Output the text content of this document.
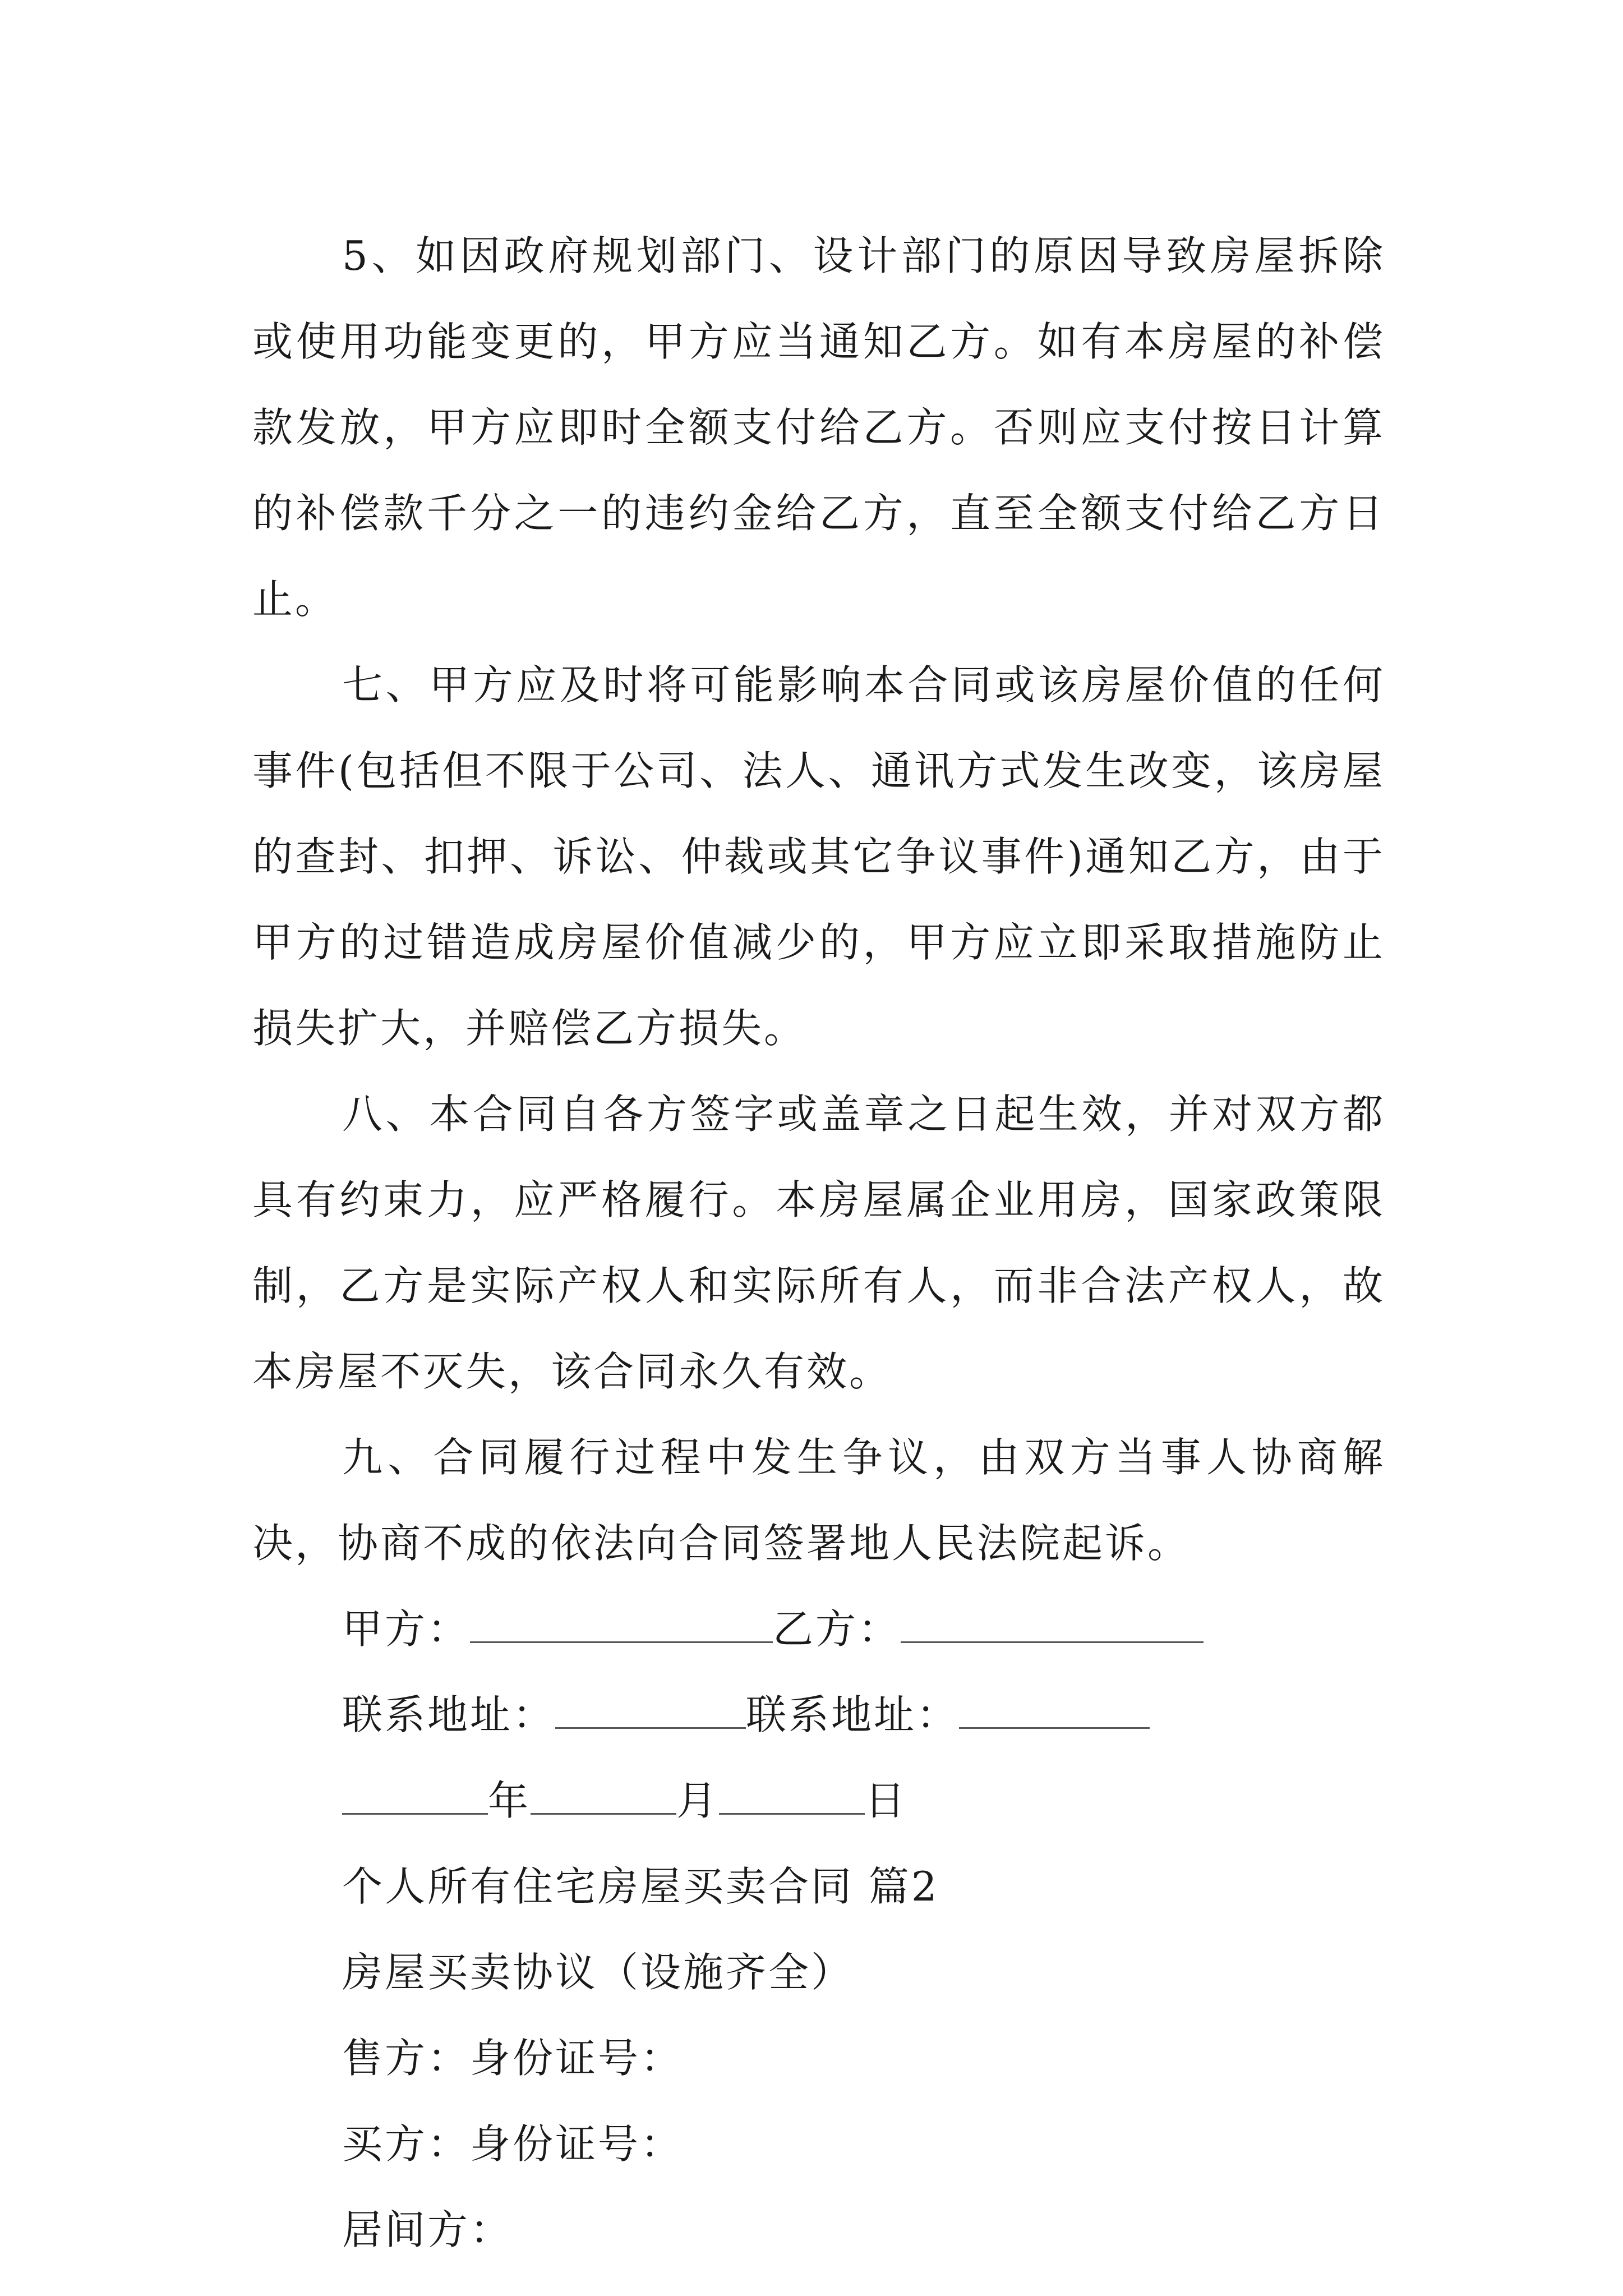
5、如因政府规划部门、设计部门的原因导致房屋拆除或使用功能变更的，甲方应当通知乙方。如有本房屋的补偿款发放，甲方应即时全额支付给乙方。否则应支付按日计算的补偿款千分之一的违约金给乙方，直至全额支付给乙方日止。

七、甲方应及时将可能影响本合同或该房屋价值的任何事件(包括但不限于公司、法人、通讯方式发生改变，该房屋的查封、扣押、诉讼、仲裁或其它争议事件)通知乙方，由于甲方的过错造成房屋价值减少的，甲方应立即采取措施防止损失扩大，并赔偿乙方损失。

八、本合同自各方签字或盖章之日起生效，并对双方都具有约束力，应严格履行。本房屋属企业用房，国家政策限制，乙方是实际产权人和实际所有人，而非合法产权人，故本房屋不灭失，该合同永久有效。

九、合同履行过程中发生争议，由双方当事人协商解决，协商不成的依法向合同签署地人民法院起诉。

甲方：	乙方：

联系地址：	联系地址：

年	月	日

个人所有住宅房屋买卖合同 篇2

房屋买卖协议（设施齐全）

售方：身份证号：

买方：身份证号：

居间方：
